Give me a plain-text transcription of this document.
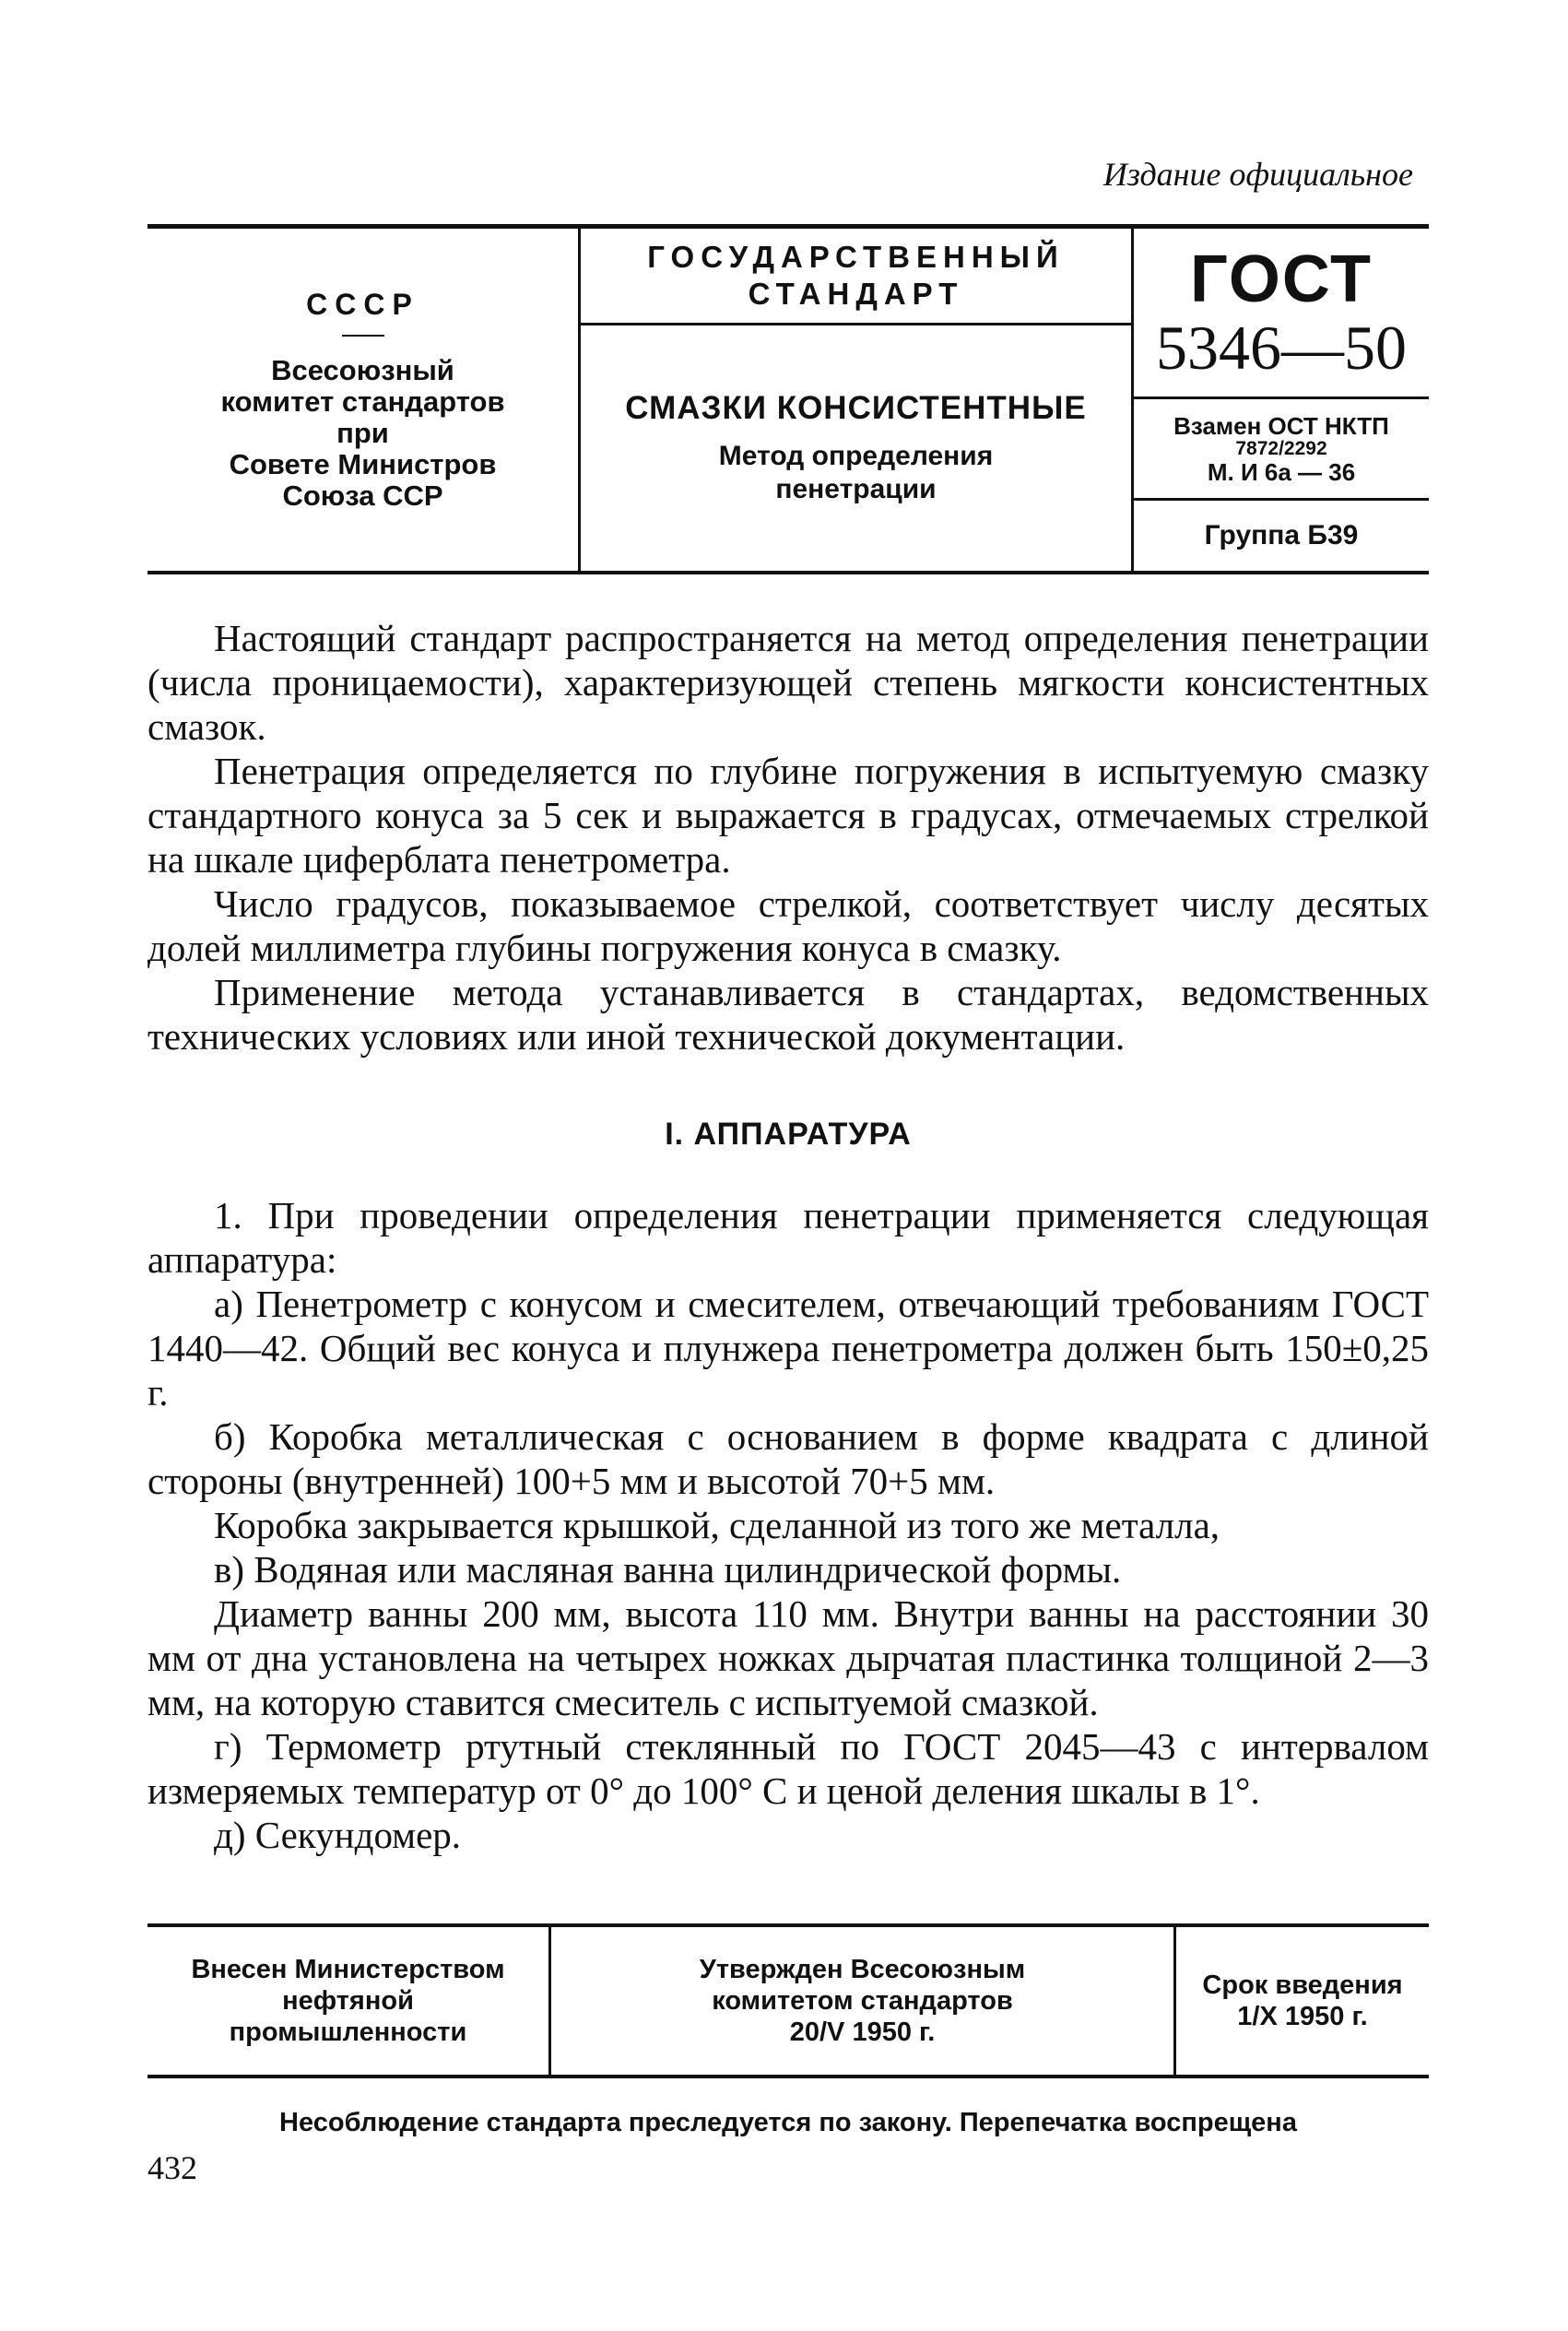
Издание официальное
СССР
Всесоюзный
комитет стандартов
при
Совете Министров
Союза ССР
ГОСУДАРСТВЕННЫЙ
СТАНДАРТ
СМАЗКИ КОНСИСТЕНТНЫЕ
Метод определения
пенетрации
ГОСТ
5346—50
Взамен ОСТ НКТП
7872/2292
М. И 6а — 36
Группа Б39

Настоящий стандарт распространяется на метод определения пенетрации (числа проницаемости), характеризующей степень мягкости консистентных смазок.

Пенетрация определяется по глубине погружения в испытуемую смазку стандартного конуса за 5 сек и выражается в градусах, отмечаемых стрелкой на шкале циферблата пенетрометра.

Число градусов, показываемое стрелкой, соответствует числу десятых долей миллиметра глубины погружения конуса в смазку.

Применение метода устанавливается в стандартах, ведомственных технических условиях или иной технической документации.

I. АППАРАТУРА

1. При проведении определения пенетрации применяется следующая аппаратура:

а) Пенетрометр с конусом и смесителем, отвечающий требованиям ГОСТ 1440—42. Общий вес конуса и плунжера пенетрометра должен быть 150±0,25 г.

б) Коробка металлическая с основанием в форме квадрата с длиной стороны (внутренней) 100+5 мм и высотой 70+5 мм.

Коробка закрывается крышкой, сделанной из того же металла,

в) Водяная или масляная ванна цилиндрической формы.

Диаметр ванны 200 мм, высота 110 мм. Внутри ванны на расстоянии 30 мм от дна установлена на четырех ножках дырчатая пластинка толщиной 2—3 мм, на которую ставится смеситель с испытуемой смазкой.

г) Термометр ртутный стеклянный по ГОСТ 2045—43 с интервалом измеряемых температур от 0° до 100° С и ценой деления шкалы в 1°.

д) Секундомер.

Внесен Министерством
нефтяной
промышленности
Утвержден Всесоюзным
комитетом стандартов
20/V 1950 г.
Срок введения
1/X 1950 г.
Несоблюдение стандарта преследуется по закону. Перепечатка воспрещена
432
